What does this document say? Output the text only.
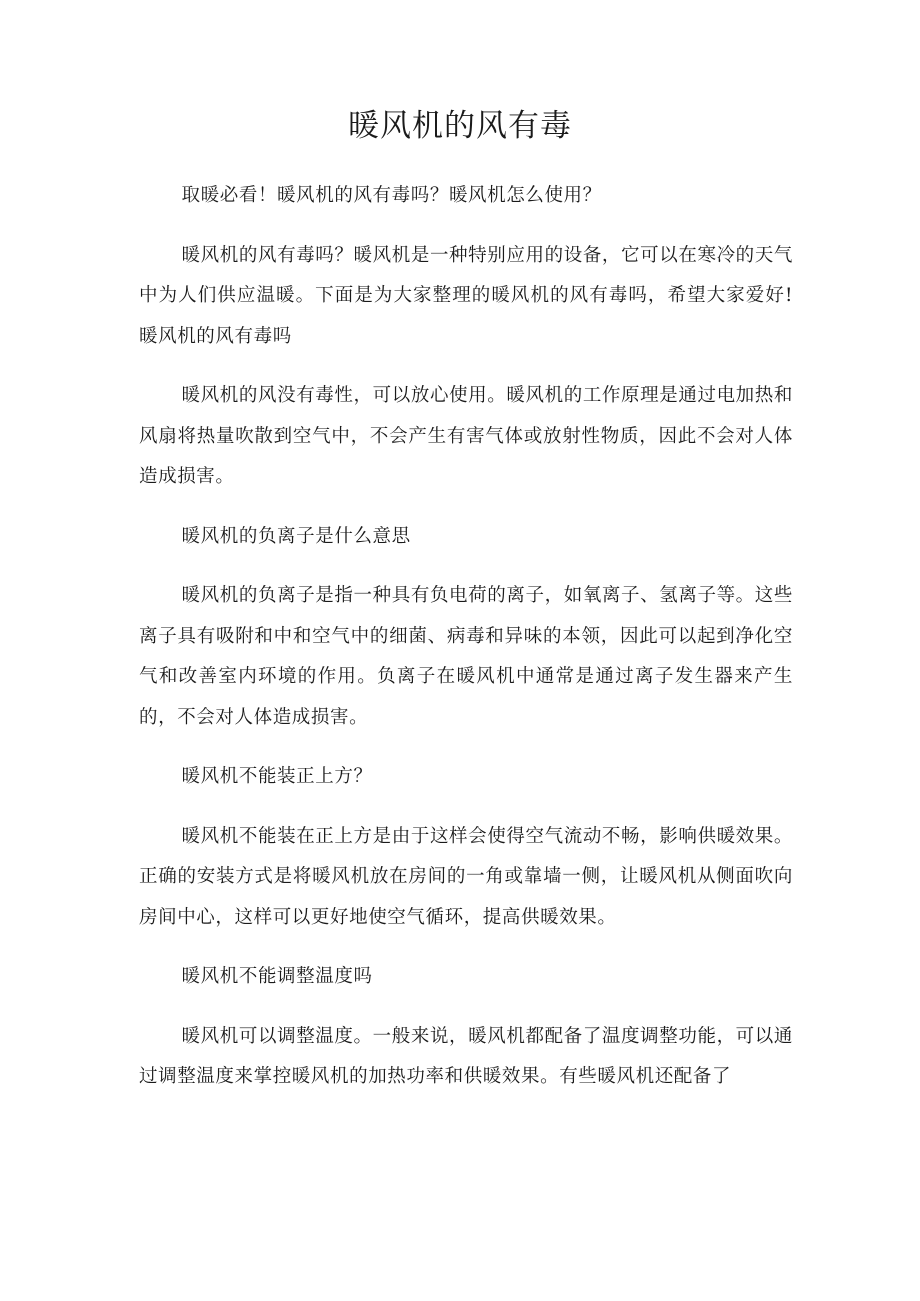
暖风机的风有毒

取暖必看！暖风机的风有毒吗？暖风机怎么使用？

暖风机的风有毒吗？暖风机是一种特别应用的设备，它可以在寒冷的天气中为人们供应温暖。下面是为大家整理的暖风机的风有毒吗，希望大家爱好!暖风机的风有毒吗

暖风机的风没有毒性，可以放心使用。暖风机的工作原理是通过电加热和风扇将热量吹散到空气中，不会产生有害气体或放射性物质，因此不会对人体造成损害。

暖风机的负离子是什么意思

暖风机的负离子是指一种具有负电荷的离子，如氧离子、氢离子等。这些离子具有吸附和中和空气中的细菌、病毒和异味的本领，因此可以起到净化空气和改善室内环境的作用。负离子在暖风机中通常是通过离子发生器来产生的，不会对人体造成损害。

暖风机不能装正上方？

暖风机不能装在正上方是由于这样会使得空气流动不畅，影响供暖效果。正确的安装方式是将暖风机放在房间的一角或靠墙一侧，让暖风机从侧面吹向房间中心，这样可以更好地使空气循环，提高供暖效果。

暖风机不能调整温度吗

暖风机可以调整温度。一般来说，暖风机都配备了温度调整功能，可以通过调整温度来掌控暖风机的加热功率和供暖效果。有些暖风机还配备了
